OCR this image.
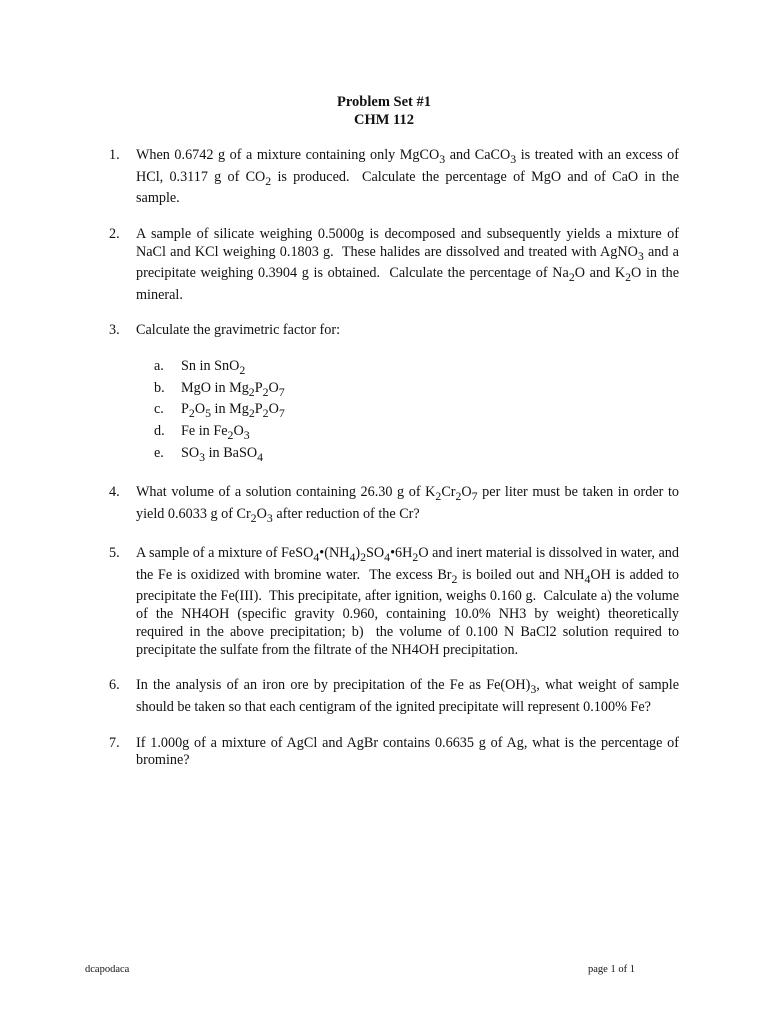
Problem Set #1
CHM 112
1. When 0.6742 g of a mixture containing only MgCO$_3$ and CaCO$_3$ is treated with an excess of HCl, 0.3117 g of $CO_2$ is produced.  Calculate the percentage of MgO and of CaO in the sample.
2. A sample of silicate weighing 0.5000g is decomposed and subsequently yields a mixture of NaCl and KCl weighing 0.1803 g.  These halides are dissolved and treated with AgNO$_3$ and a precipitate weighing 0.3904 g is obtained.  Calculate the percentage of $Na_2O$ and $K_2O$ in the mineral.
3. Calculate the gravimetric factor for:
a. Sn in SnO$_2$
b. MgO in $Mg_2P_2O_7$
c. $P_2O_5$ in $Mg_2P_2O_7$
d. Fe in $Fe_2O_3$
e. $SO_3$ in BaSO$_4$
4. What volume of a solution containing 26.30 g of $K_2Cr_2O_7$ per liter must be taken in order to yield 0.6033 g of $Cr_2O_3$ after reduction of the Cr?
5. A sample of a mixture of $FeSO_4•(NH_4)_2SO_4•6H_2O$ and inert material is dissolved in water, and the Fe is oxidized with bromine water.  The excess $Br_2$ is boiled out and $NH_4OH$ is added to precipitate the Fe(III).  This precipitate, after ignition, weighs 0.160 g.  Calculate a) the volume of the NH4OH (specific gravity 0.960, containing 10.0% NH3 by weight) theoretically required in the above precipitation; b)  the volume of 0.100 N BaCl2 solution required to precipitate the sulfate from the filtrate of the NH4OH precipitation.
6. In the analysis of an iron ore by precipitation of the Fe as $Fe(OH)_3$, what weight of sample should be taken so that each centigram of the ignited precipitate will represent 0.100% Fe?
7. If 1.000g of a mixture of AgCl and AgBr contains 0.6635 g of Ag, what is the percentage of bromine?
dcapodaca	page 1 of 1
